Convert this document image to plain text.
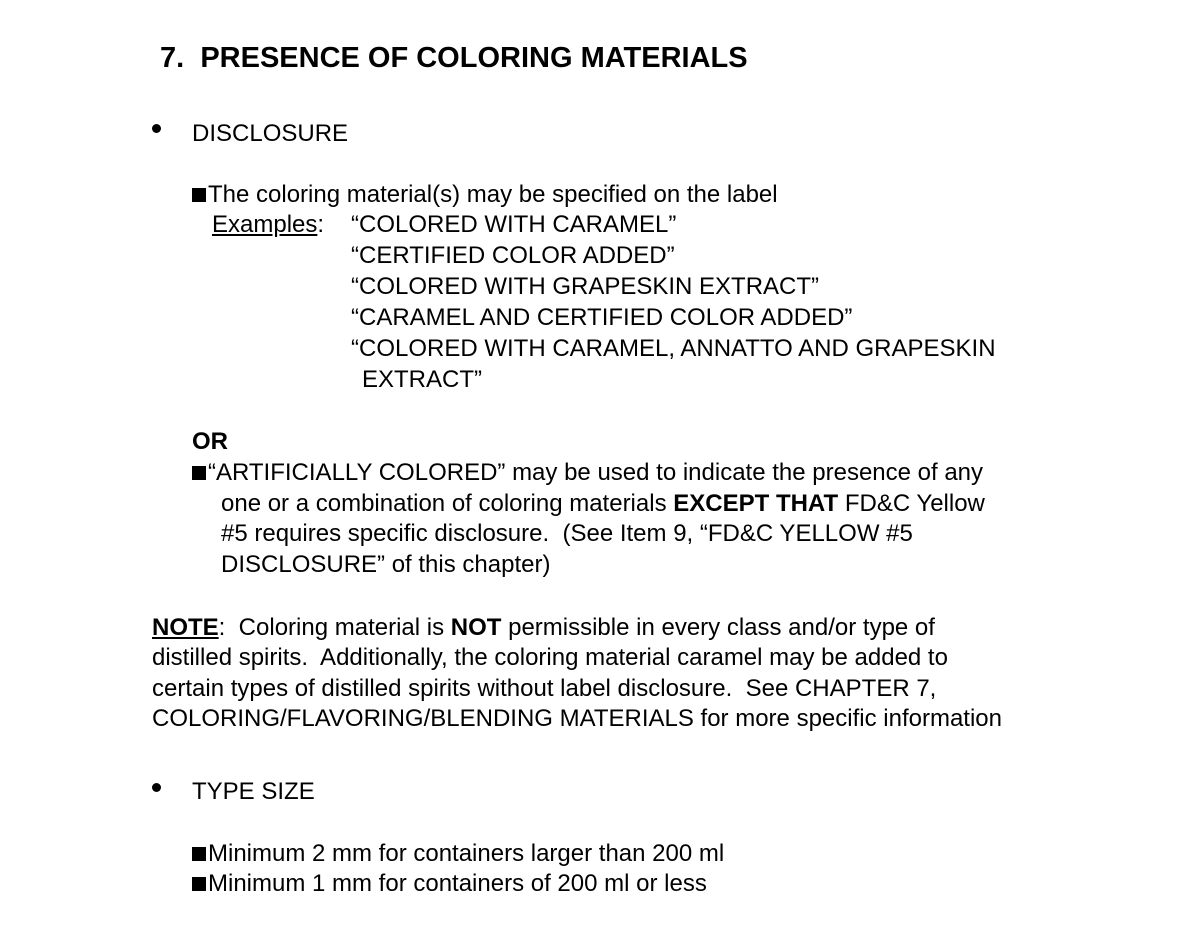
7. PRESENCE OF COLORING MATERIALS
DISCLOSURE
The coloring material(s) may be specified on the label
Examples: “COLORED WITH CARAMEL”
“CERTIFIED COLOR ADDED”
“COLORED WITH GRAPESKIN EXTRACT”
“CARAMEL AND CERTIFIED COLOR ADDED”
“COLORED WITH CARAMEL, ANNATTO AND GRAPESKIN
EXTRACT”
OR
“ARTIFICIALLY COLORED” may be used to indicate the presence of any
one or a combination of coloring materials EXCEPT THAT FD&C Yellow
#5 requires specific disclosure.  (See Item 9, “FD&C YELLOW #5
DISCLOSURE” of this chapter)
NOTE:  Coloring material is NOT permissible in every class and/or type of
distilled spirits.  Additionally, the coloring material caramel may be added to
certain types of distilled spirits without label disclosure.  See CHAPTER 7,
COLORING/FLAVORING/BLENDING MATERIALS for more specific information
TYPE SIZE
Minimum 2 mm for containers larger than 200 ml
Minimum 1 mm for containers of 200 ml or less
